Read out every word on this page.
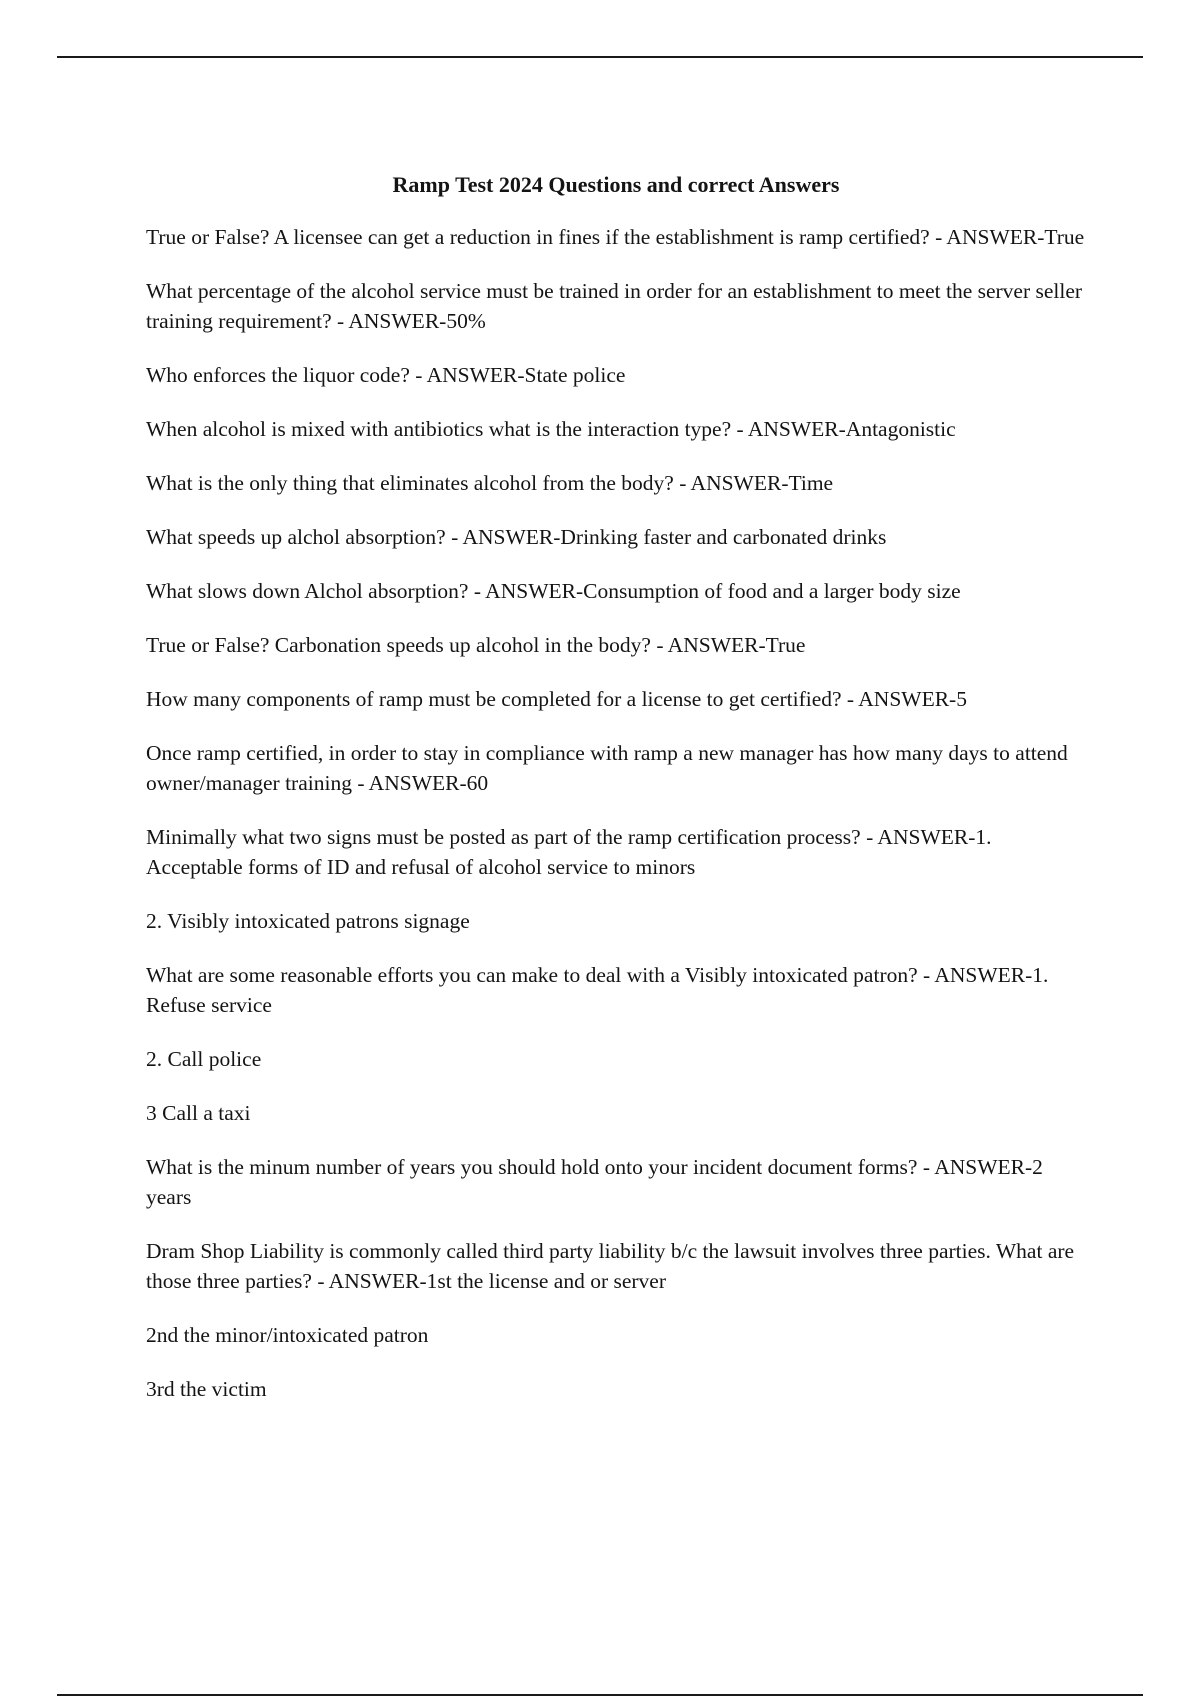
Ramp Test 2024 Questions and correct Answers

True or False? A licensee can get a reduction in fines if the establishment is ramp certified? - ANSWER-True

What percentage of the alcohol service must be trained in order for an establishment to meet the server seller training requirement? - ANSWER-50%

Who enforces the liquor code? - ANSWER-State police

When alcohol is mixed with antibiotics what is the interaction type? - ANSWER-Antagonistic

What is the only thing that eliminates alcohol from the body? - ANSWER-Time

What speeds up alchol absorption? - ANSWER-Drinking faster and carbonated drinks

What slows down Alchol absorption? - ANSWER-Consumption of food and a larger body size

True or False? Carbonation speeds up alcohol in the body? - ANSWER-True

How many components of ramp must be completed for a license to get certified? - ANSWER-5

Once ramp certified, in order to stay in compliance with ramp a new manager has how many days to attend owner/manager training - ANSWER-60

Minimally what two signs must be posted as part of the ramp certification process? - ANSWER-1. Acceptable forms of ID and refusal of alcohol service to minors

2. Visibly intoxicated patrons signage

What are some reasonable efforts you can make to deal with a Visibly intoxicated patron? - ANSWER-1. Refuse service

2. Call police

3 Call a taxi

What is the minum number of years you should hold onto your incident document forms? - ANSWER-2 years

Dram Shop Liability is commonly called third party liability b/c the lawsuit involves three parties. What are those three parties? - ANSWER-1st the license and or server

2nd the minor/intoxicated patron

3rd the victim
